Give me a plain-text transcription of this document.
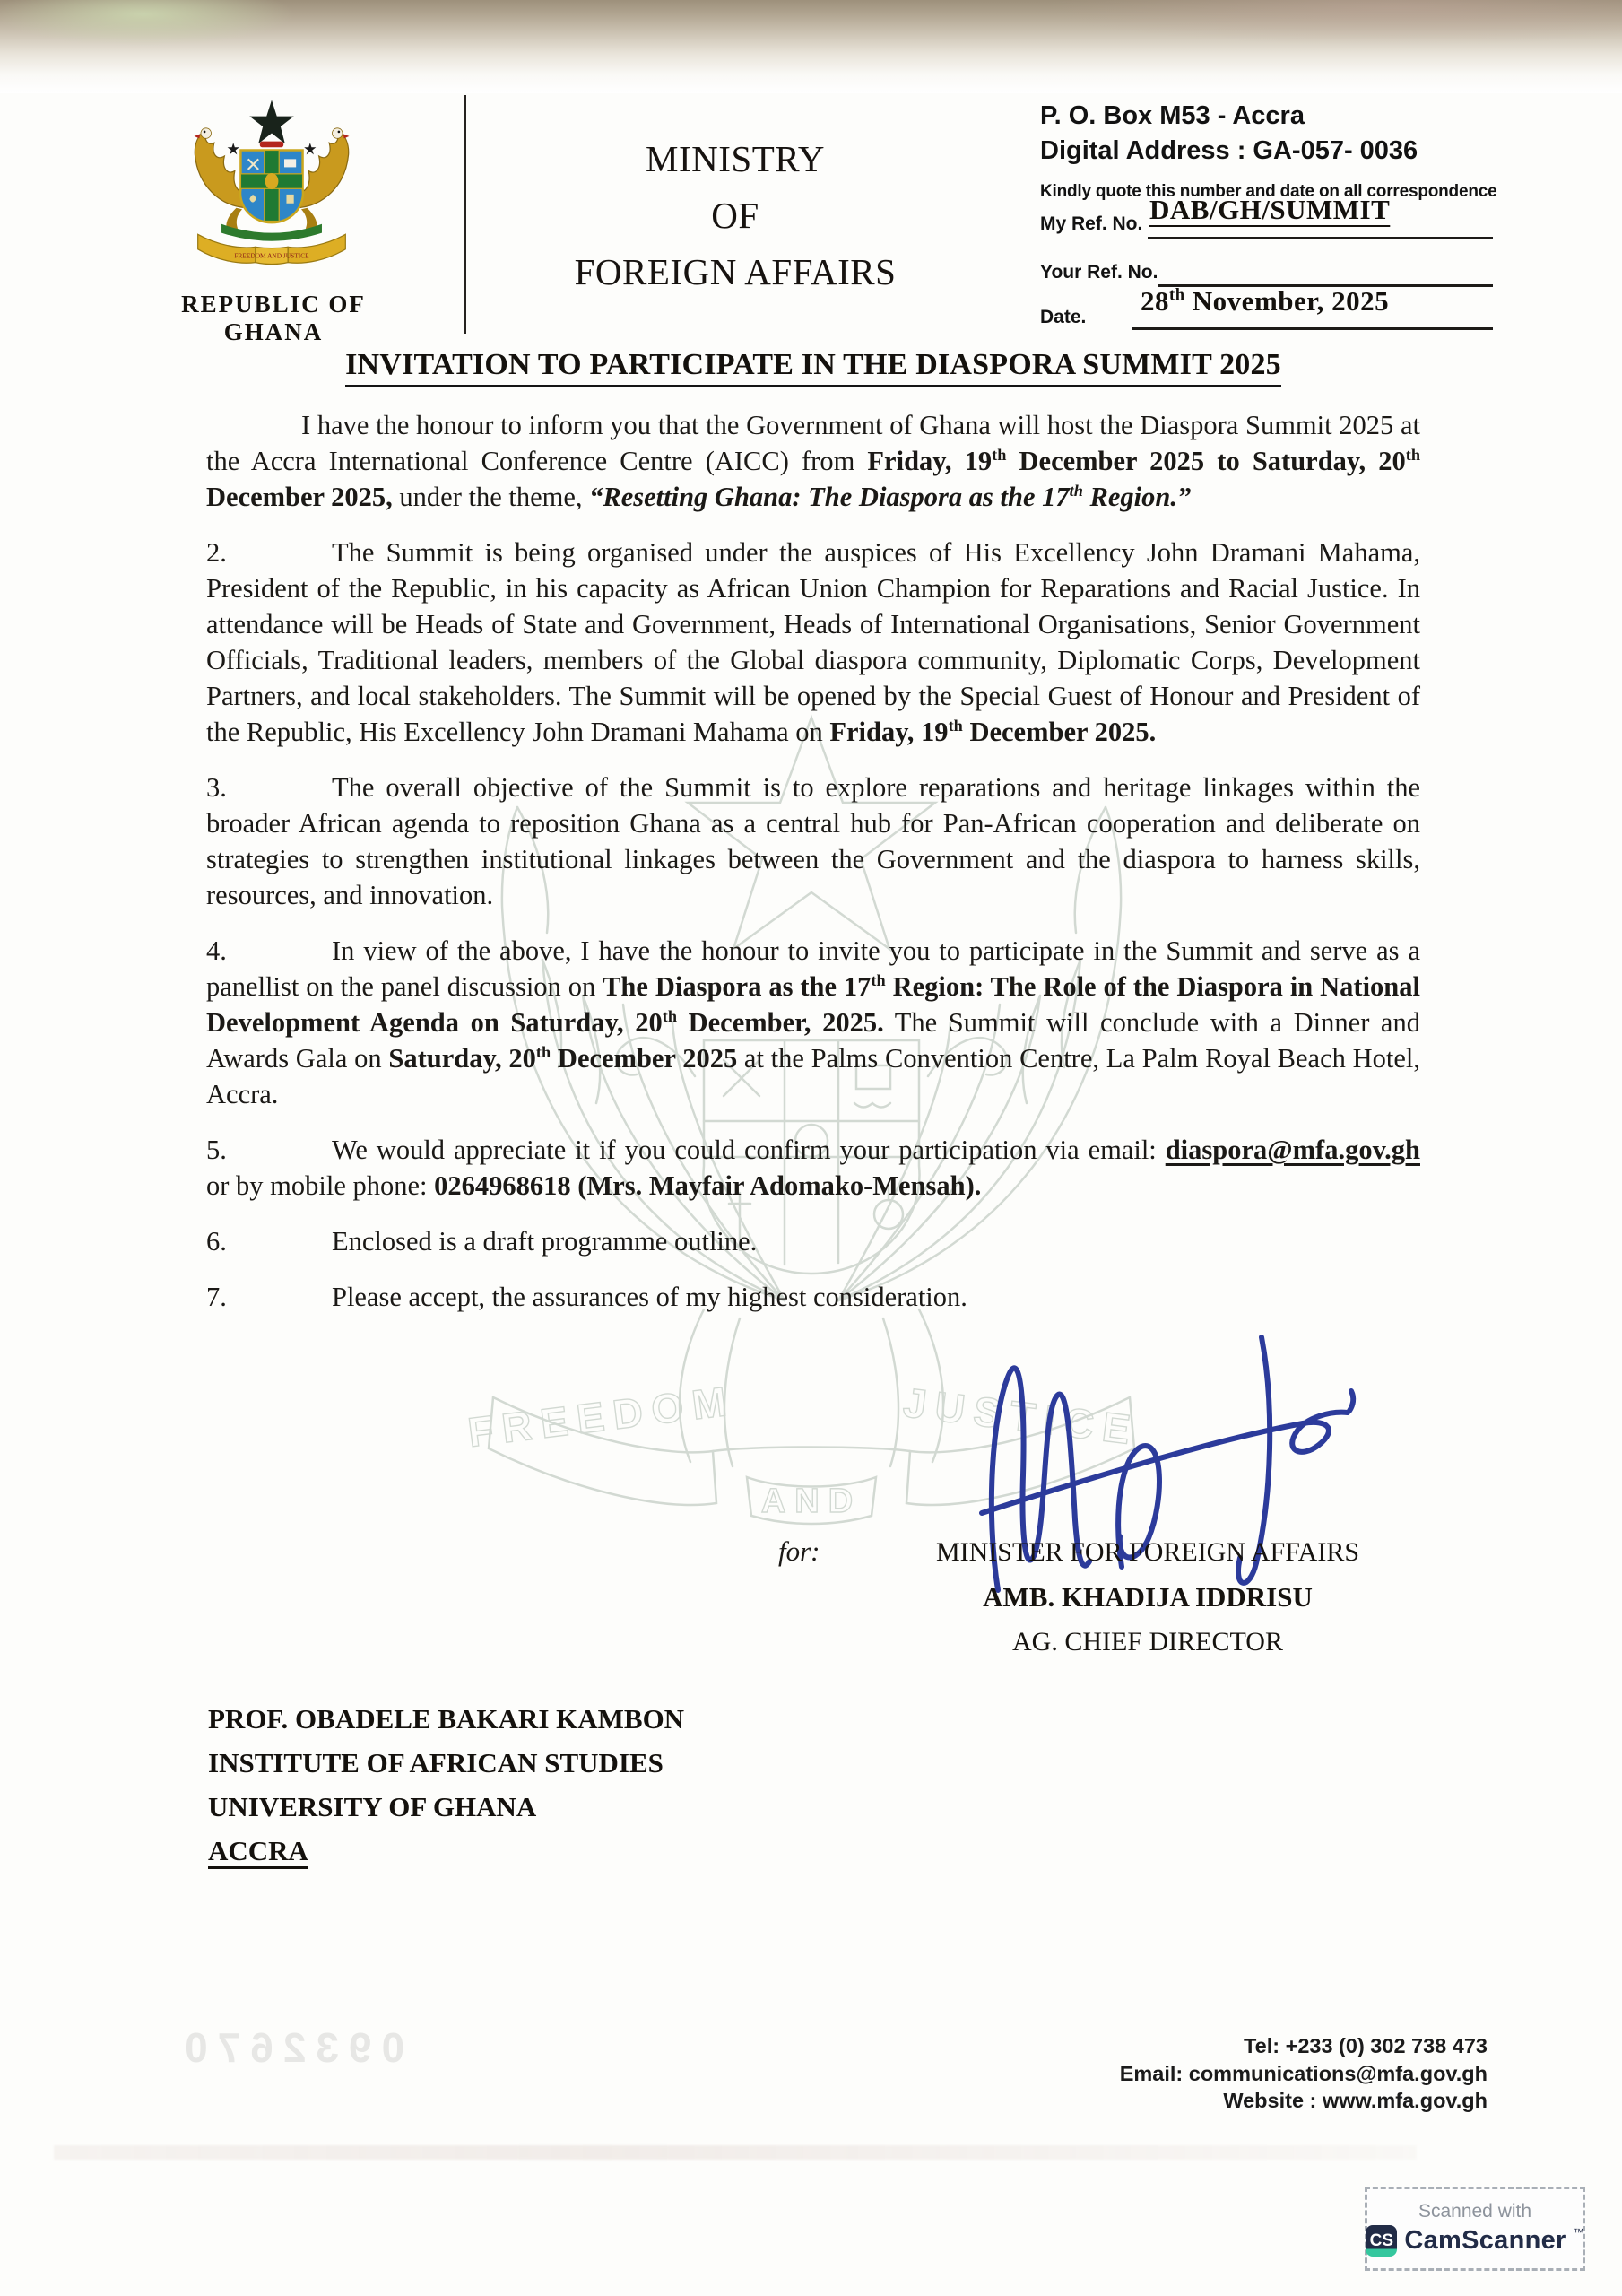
0932670
FREEDOM	JUSTICE
AND
FREEDOM AND JUSTICE
REPUBLIC OF GHANA
MINISTRY
OF
FOREIGN AFFAIRS
P. O. Box M53 - Accra
Digital Address : GA-057- 0036
Kindly quote this number and date on all correspondence
My Ref. No. DAB/GH/SUMMIT
Your Ref. No.
Date.
28th November, 2025
INVITATION TO PARTICIPATE IN THE DIASPORA SUMMIT 2025

I have the honour to inform you that the Government of Ghana will host the Diaspora Summit 2025 at the Accra International Conference Centre (AICC) from Friday, 19th December 2025 to Saturday, 20th December 2025, under the theme, “Resetting Ghana: The Diaspora as the 17th Region.”

2.	The Summit is being organised under the auspices of His Excellency John Dramani Mahama, President of the Republic, in his capacity as African Union Champion for Reparations and Racial Justice. In attendance will be Heads of State and Government, Heads of International Organisations, Senior Government Officials, Traditional leaders, members of the Global diaspora community, Diplomatic Corps, Development Partners, and local stakeholders. The Summit will be opened by the Special Guest of Honour and President of the Republic, His Excellency John Dramani Mahama on Friday, 19th December 2025.

3.	The overall objective of the Summit is to explore reparations and heritage linkages within the broader African agenda to reposition Ghana as a central hub for Pan-African cooperation and deliberate on strategies to strengthen institutional linkages between the Government and the diaspora to harness skills, resources, and innovation.

4.	In view of the above, I have the honour to invite you to participate in the Summit and serve as a panellist on the panel discussion on The Diaspora as the 17th Region: The Role of the Diaspora in National Development Agenda on Saturday, 20th December, 2025. The Summit will conclude with a Dinner and Awards Gala on Saturday, 20th December 2025 at the Palms Convention Centre, La Palm Royal Beach Hotel, Accra.

5.	We would appreciate it if you could confirm your participation via email: diaspora@mfa.gov.gh or by mobile phone: 0264968618 (Mrs. Mayfair Adomako-Mensah).

6.	Enclosed is a draft programme outline.

7.	Please accept, the assurances of my highest consideration.

for:	MINISTER FOR FOREIGN AFFAIRS
AMB. KHADIJA IDDRISU
AG. CHIEF DIRECTOR
PROF. OBADELE BAKARI KAMBON
INSTITUTE OF AFRICAN STUDIES
UNIVERSITY OF GHANA
ACCRA
Tel: +233 (0) 302 738 473
Email: communications@mfa.gov.gh
Website : www.mfa.gov.gh
Scanned with
CS CamScanner ™
